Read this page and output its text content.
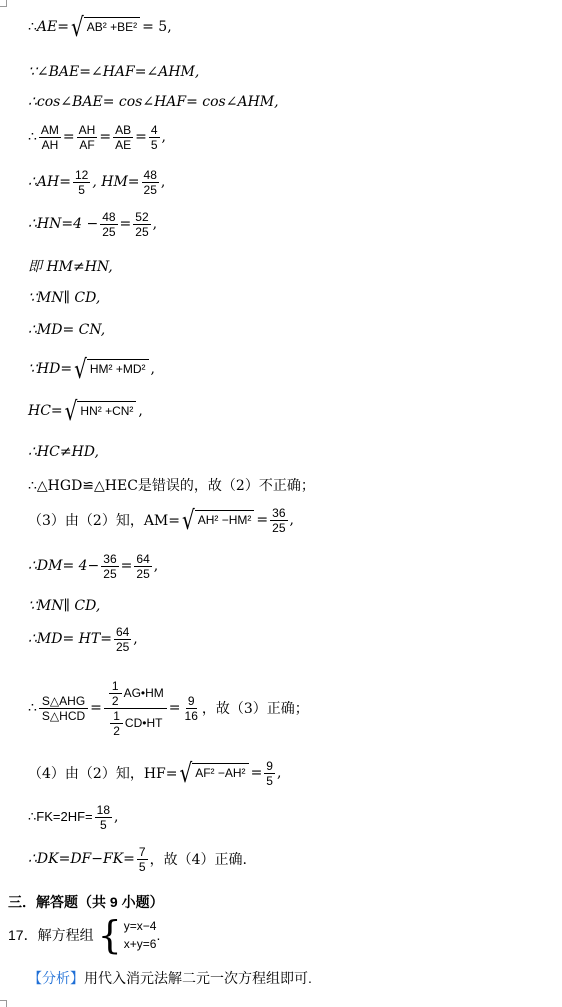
∴ AE = √ AB² +BE² = 5,
∵∠BAE=∠HAF=∠AHM,
∴cos∠BAE= cos∠HAF= cos∠AHM,
∴ $\frac{AM}{AH} = \frac{AH}{AF} = \frac{AB}{AE} = \frac{4}{5}$ ,
∴AH= $\frac{12}{5}$ , $HM= \frac{48}{25}$ ,
∴HN=4 − $\frac{48}{25} = \frac{52}{25}$ ,
即 HM≠HN,
∵MN∥ CD,
∴MD= CN,
∵HD= √ HM² +MD² ,
HC= √ HN² +CN² ,
∴HC≠HD,
∴△HGD≌△HEC是错误的，故（2）不正确；
（3）由（2）知，AM= √ $AH^2 -HM^2 = \frac{36}{25}$ ,
∴DM= $4- \frac{36}{25} = \frac{64}{25}$ ,
∵MN∥ CD,
∴MD= $HT= \frac{64}{25}$ ,
∴ S△AHG
S△HCD =
$\frac{1}{2}$ AG•HM
$\frac{1}{2}$ CD•HT
= $\frac{9}{16}$ ，故（3）正确；
（4）由（2）知，HF= √ $AF^2 -AH^2 = \frac{9}{5}$ ,
∴FK=2HF= $\frac{18}{5}$ ,
∴DK=DF−FK= $\frac{7}{5}$ ，故（4）正确.
三．解答题（共 9 小题）
17． 解方程组 { y=x−4
x+y=6
.
【分析】用代入消元法解二元一次方程组即可.
